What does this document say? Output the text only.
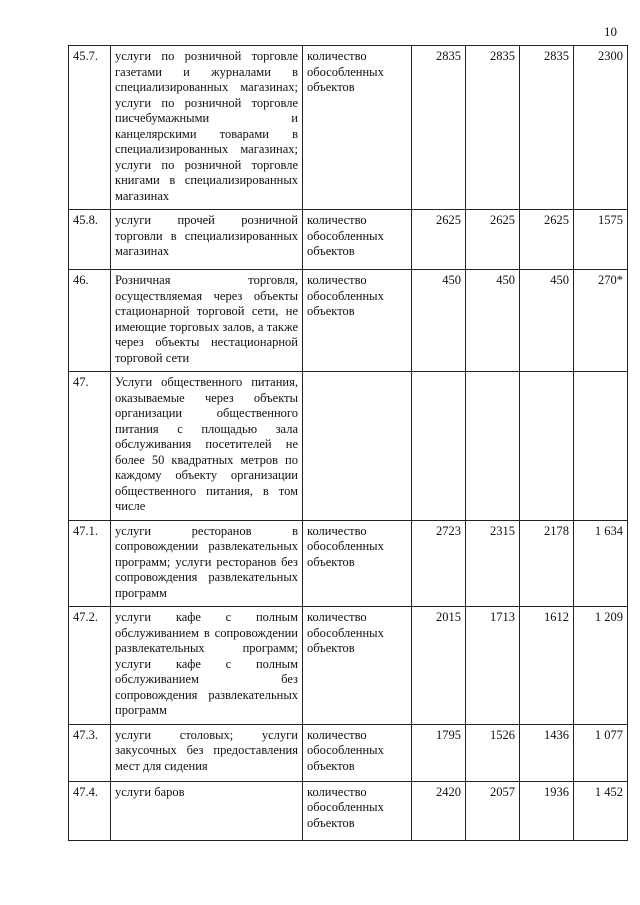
10
45.7.	услуги по розничной торговле газетами и журналами в специализированных магазинах; услуги по розничной торговле писчебумажными и канцелярскими товарами в специализированных магазинах; услуги по розничной торговле книгами в специализированных магазинах	количество обособленных объектов	2835	2835	2835	2300
45.8.	услуги прочей розничной торговли в специализированных магазинах	количество обособленных объектов	2625	2625	2625	1575
46.	Розничная торговля, осуществляемая через объекты стационарной торговой сети, не имеющие торговых залов, а также через объекты нестационарной торговой сети	количество обособленных объектов	450	450	450	270*
47.	Услуги общественного питания, оказываемые через объекты организации общественного питания с площадью зала обслуживания посетителей не более 50 квадратных метров по каждому объекту организации общественного питания, в том числе					
47.1.	услуги ресторанов в сопровождении развлекательных программ; услуги ресторанов без сопровождения развлекательных программ	количество обособленных объектов	2723	2315	2178	1 634
47.2.	услуги кафе с полным обслуживанием в сопровождении развлекательных программ; услуги кафе с полным обслуживанием без сопровождения развлекательных программ	количество обособленных объектов	2015	1713	1612	1 209
47.3.	услуги столовых; услуги закусочных без предоставления мест для сидения	количество обособленных объектов	1795	1526	1436	1 077
47.4.	услуги баров	количество обособленных объектов	2420	2057	1936	1 452
